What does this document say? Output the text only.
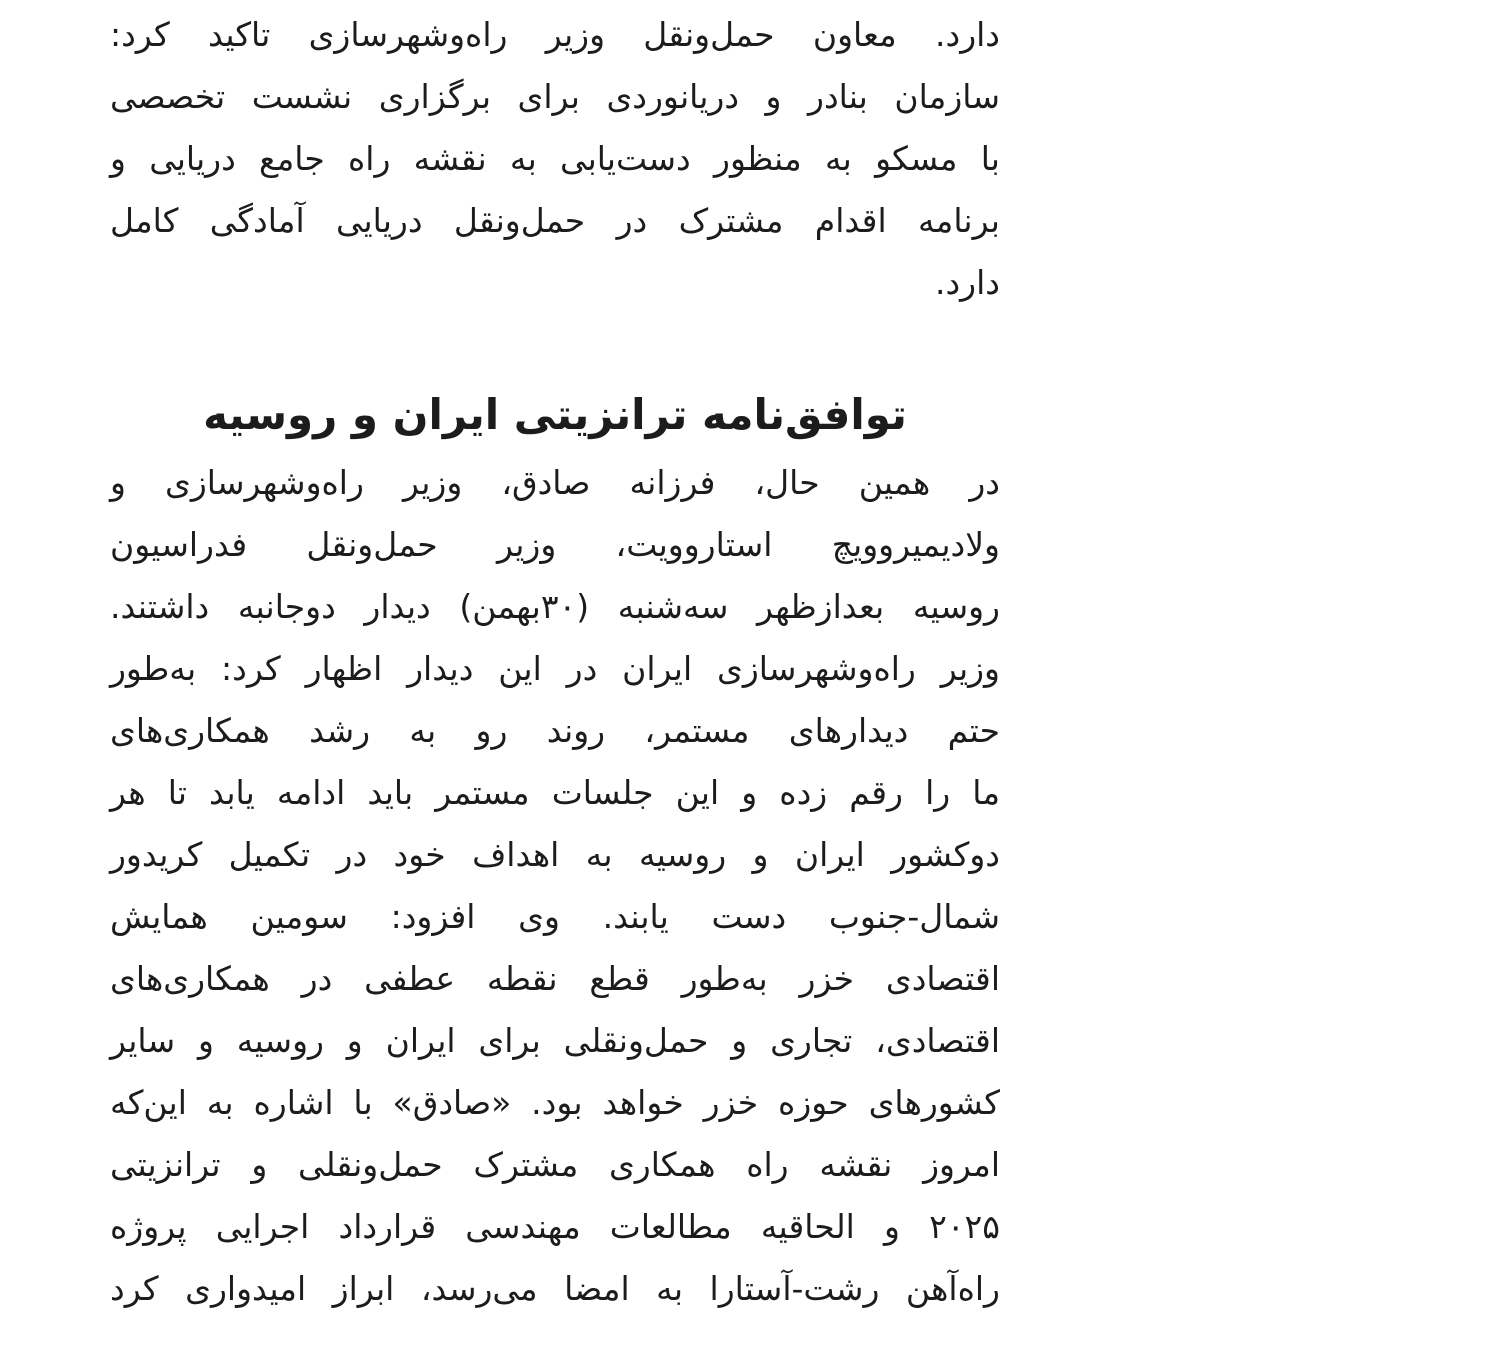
دارد. معاون حمل‌ونقل وزیر راه‌وشهرسازی تاکید کرد:
سازمان بنادر و دریانوردی برای برگزاری نشست تخصصی
با مسکو به منظور دست‌یابی به نقشه راه جامع دریایی و
برنامه اقدام مشترک در حمل‌ونقل دریایی آمادگی کامل
دارد.
توافق‌نامه ترانزیتی ایران و روسیه
در همین حال، فرزانه صادق، وزیر راه‌وشهرسازی و
ولادیمیروویچ استاروویت، وزیر حمل‌ونقل فدراسیون
روسیه بعدازظهر سه‌شنبه (۳۰بهمن) دیدار دوجانبه داشتند.
وزیر راه‌وشهرسازی ایران در این دیدار اظهار کرد: به‌طور
حتم دیدارهای مستمر، روند رو به رشد همکاری‌های
ما را رقم زده و این جلسات مستمر باید ادامه یابد تا هر
دوکشور ایران و روسیه به اهداف خود در تکمیل کریدور
شمال-جنوب دست یابند. وی افزود: سومین همایش
اقتصادی خزر به‌طور قطع نقطه عطفی در همکاری‌های
اقتصادی، تجاری و حمل‌ونقلی برای ایران و روسیه و سایر
کشورهای حوزه خزر خواهد بود. «صادق» با اشاره به این‌که
امروز نقشه راه همکاری مشترک حمل‌ونقلی و ترانزیتی
۲۰۲۵ و الحاقیه مطالعات مهندسی قرارداد اجرایی پروژه
راه‌آهن رشت-آستارا به امضا می‌رسد، ابراز امیدواری کرد
